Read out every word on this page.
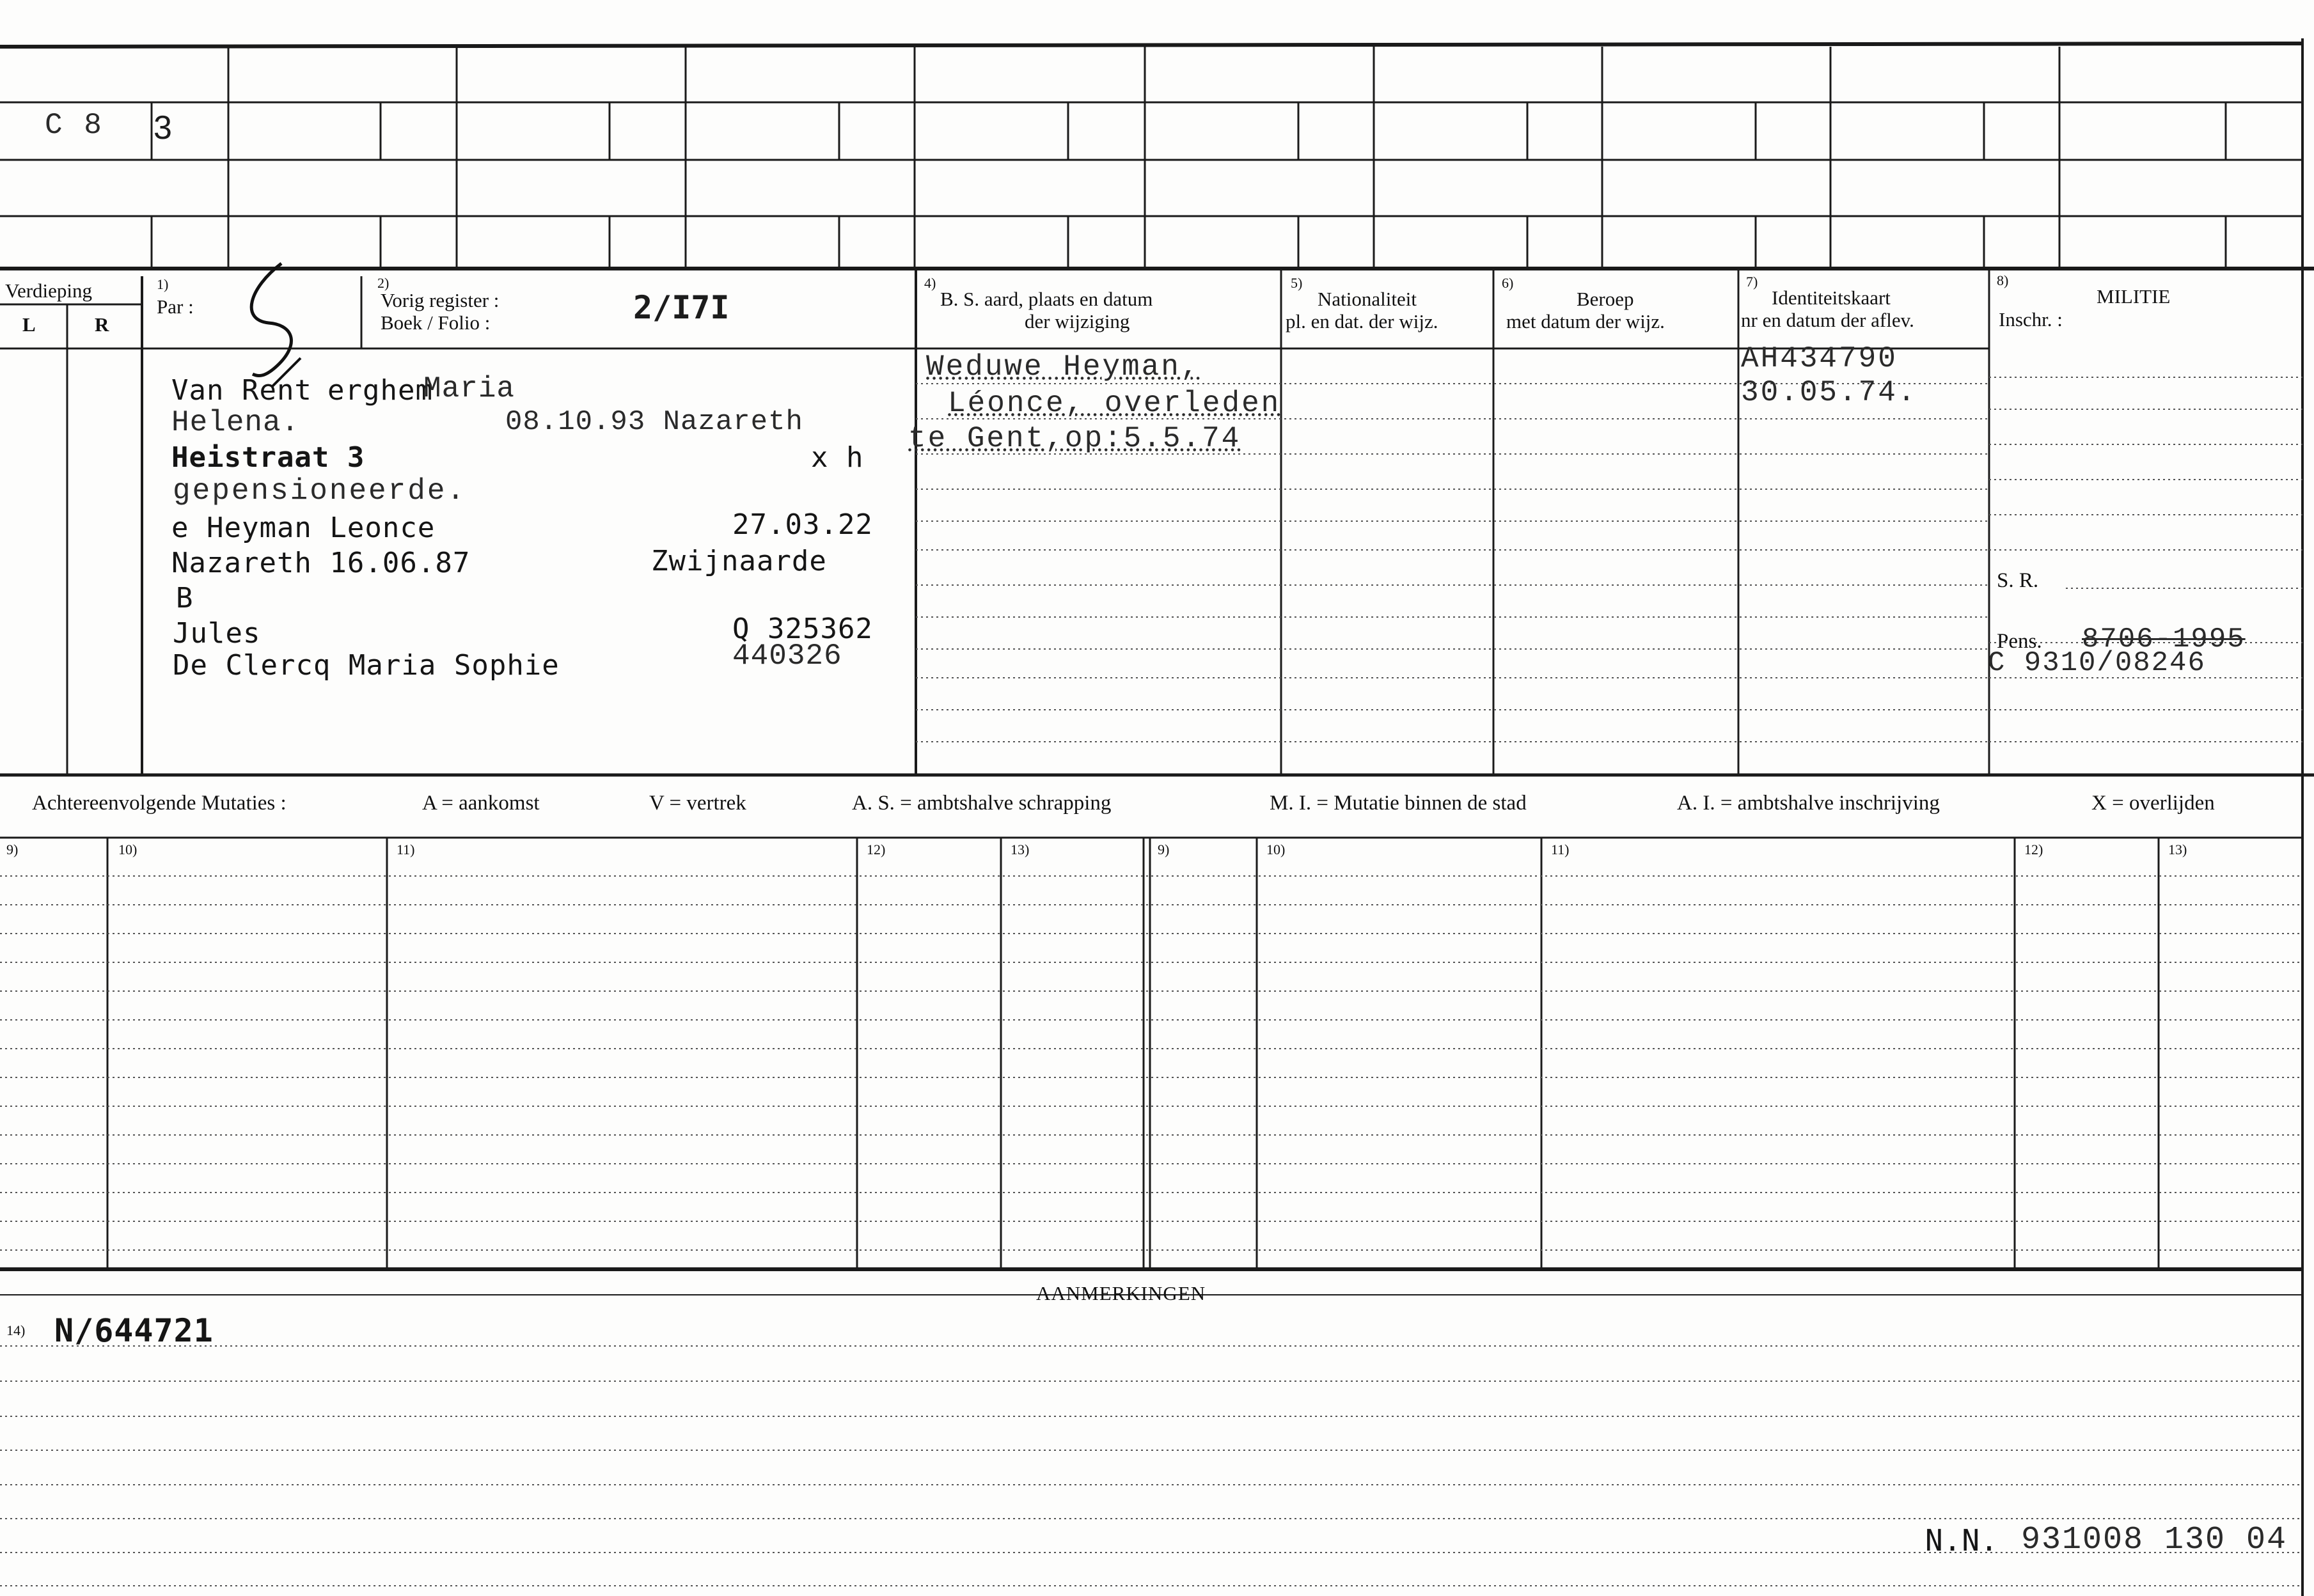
C 8 3
Verdieping
L	R
1)
Par :
2)
Vorig register :
Boek / Folio :	2/I7I
4)
B. S. aard, plaats en datum
der wijziging
5)
Nationaliteit
pl. en dat. der wijz.
6)
Beroep
met datum der wijz.
7)
Identiteitskaart
nr en datum der aflev.
8)
MILITIE
Inschr. :
Van Rent erghem
Maria
Helena.	08.10.93 Nazareth
Heistraat 3	x h
gepensioneerde.
e Heyman Leonce	27.03.22
Nazareth 16.06.87	Zwijnaarde
B
Jules	Q 325362
De Clercq Maria Sophie	440326
Weduwe Heyman,
Léonce, overleden
te Gent,op:5.5.74
AH434790
30.05.74.
S. R.
Pens. 8706-1995
C 9310/08246
Achtereenvolgende Mutaties :	A = aankomst	V = vertrek	A. S. = ambtshalve schrapping	M. I. = Mutatie binnen de stad	A. I. = ambtshalve inschrijving	X = overlijden
9)	10)	11)	12)	13)	9)	10)	11)	12)	13)
AANMERKINGEN
14) N/644721
N.N. 931008 130 04
